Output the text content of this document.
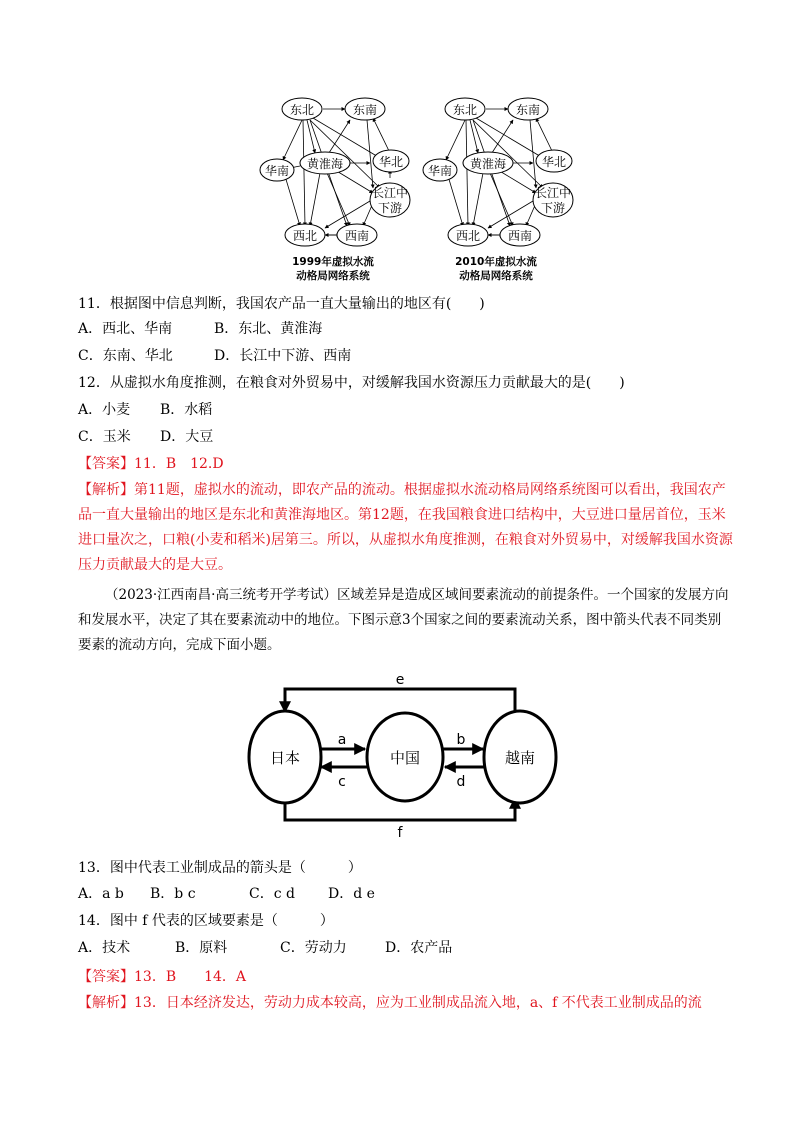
东北	东南
华南 黄淮海	华北
长江中
下游
西北 西南
1999年虚拟水流
动格局网络系统
东北	东南
华南 黄淮海	华北
长江中
下游
西北 西南
2010年虚拟水流
动格局网络系统
11．根据图中信息判断，我国农产品一直大量输出的地区有(　　)
A．西北、华南	B．东北、黄淮海
C．东南、华北	D．长江中下游、西南
12．从虚拟水角度推测，在粮食对外贸易中，对缓解我国水资源压力贡献最大的是(　　)
A．小麦 B．水稻
C．玉米 D．大豆
【答案】11．B　12.D
【解析】第11题，虚拟水的流动，即农产品的流动。根据虚拟水流动格局网络系统图可以看出，我国农产品一直大量输出的地区是东北和黄淮海地区。第12题，在我国粮食进口结构中，大豆进口量居首位，玉米进口量次之，口粮(小麦和稻米)居第三。所以，从虚拟水角度推测，在粮食对外贸易中，对缓解我国水资源压力贡献最大的是大豆。
（2023·江西南昌·高三统考开学考试）区域差异是造成区域间要素流动的前提条件。一个国家的发展方向和发展水平，决定了其在要素流动中的地位。下图示意3个国家之间的要素流动关系，图中箭头代表不同类别要素的流动方向，完成下面小题。
日本	中国	越南
a	b
c	d
e
f
13．图中代表工业制成品的箭头是（　　　）
A．a b B．b c	C．c d D．d e
14．图中 f 代表的区域要素是（　　　）
A．技术	B．原料	C．劳动力	D．农产品
【答案】13．B　　14．A
【解析】13．日本经济发达，劳动力成本较高，应为工业制成品流入地，a、f 不代表工业制成品的流
